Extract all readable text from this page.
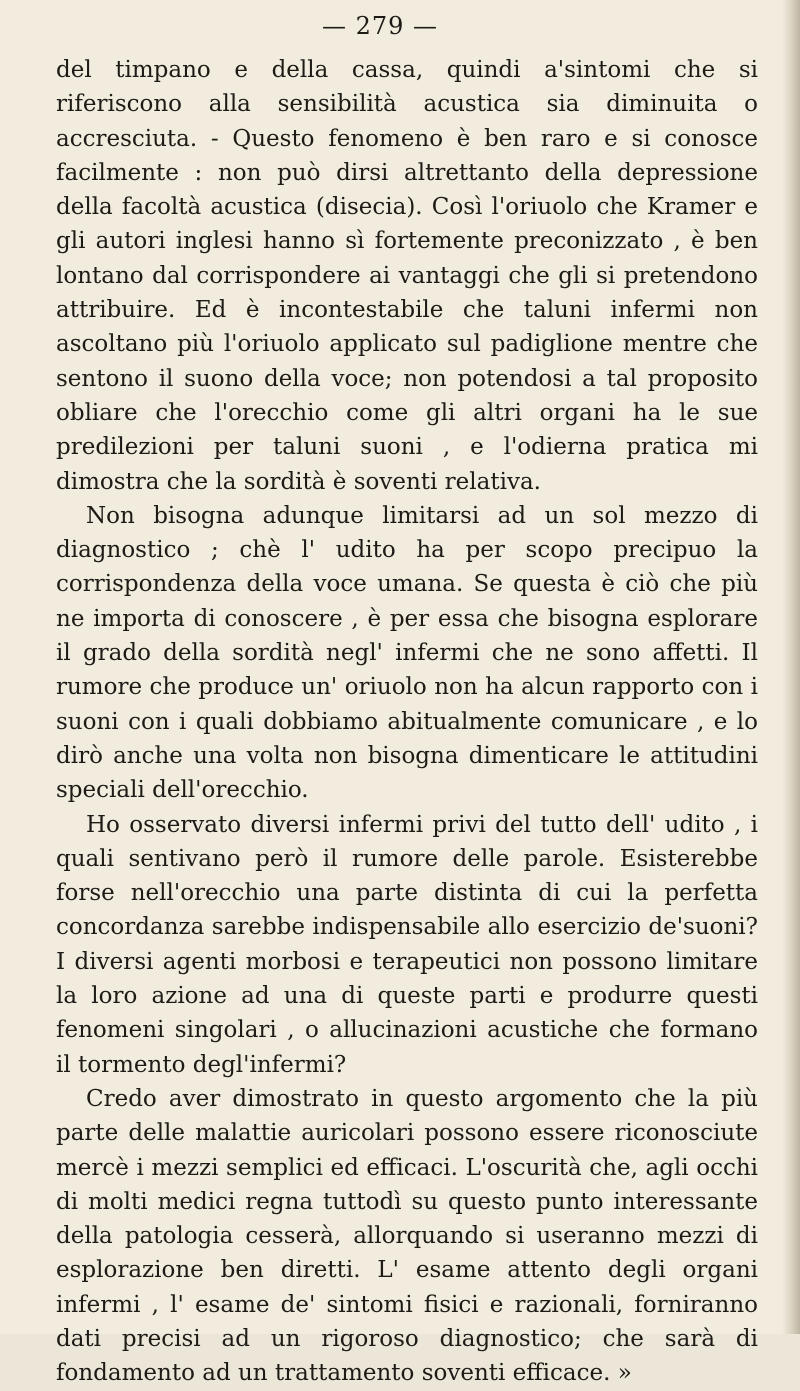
— 279 —

del timpano e della cassa, quindi a'sintomi che si riferiscono alla sensibilità acustica sia diminuita o accresciuta. - Questo fenomeno è ben raro e si conosce facilmente : non può dirsi altrettanto della depressione della facoltà acustica (disecia). Così l'oriuolo che Kramer e gli autori inglesi hanno sì fortemente preconizzato , è ben lontano dal corrispondere ai vantaggi che gli si pretendono attribuire. Ed è incontestabile che taluni infermi non ascoltano più l'oriuolo applicato sul padiglione mentre che sentono il suono della voce; non potendosi a tal proposito obliare che l'orecchio come gli altri organi ha le sue predilezioni per taluni suoni , e l'odierna pratica mi dimostra che la sordità è soventi relativa.

Non bisogna adunque limitarsi ad un sol mezzo di diagnostico ; chè l' udito ha per scopo precipuo la corrispondenza della voce umana. Se questa è ciò che più ne importa di conoscere , è per essa che bisogna esplorare il grado della sordità negl' infermi che ne sono affetti. Il rumore che produce un' oriuolo non ha alcun rapporto con i suoni con i quali dobbiamo abitualmente comunicare , e lo dirò anche una volta non bisogna dimenticare le attitudini speciali dell'orecchio.

Ho osservato diversi infermi privi del tutto dell' udito , i quali sentivano però il rumore delle parole. Esisterebbe forse nell'orecchio una parte distinta di cui la perfetta concordanza sarebbe indispensabile allo esercizio de'suoni? I diversi agenti morbosi e terapeutici non possono limitare la loro azione ad una di queste parti e produrre questi fenomeni singolari , o allucinazioni acustiche che formano il tormento degl'infermi?

Credo aver dimostrato in questo argomento che la più parte delle malattie auricolari possono essere riconosciute mercè i mezzi semplici ed efficaci. L'oscurità che, agli occhi di molti medici regna tuttodì su questo punto interessante della patologia cesserà, allorquando si useranno mezzi di esplorazione ben diretti. L' esame attento degli organi infermi , l' esame de' sintomi fisici e razionali, forniranno dati precisi ad un rigoroso diagnostico; che sarà di fondamento ad un trattamento soventi efficace. »
